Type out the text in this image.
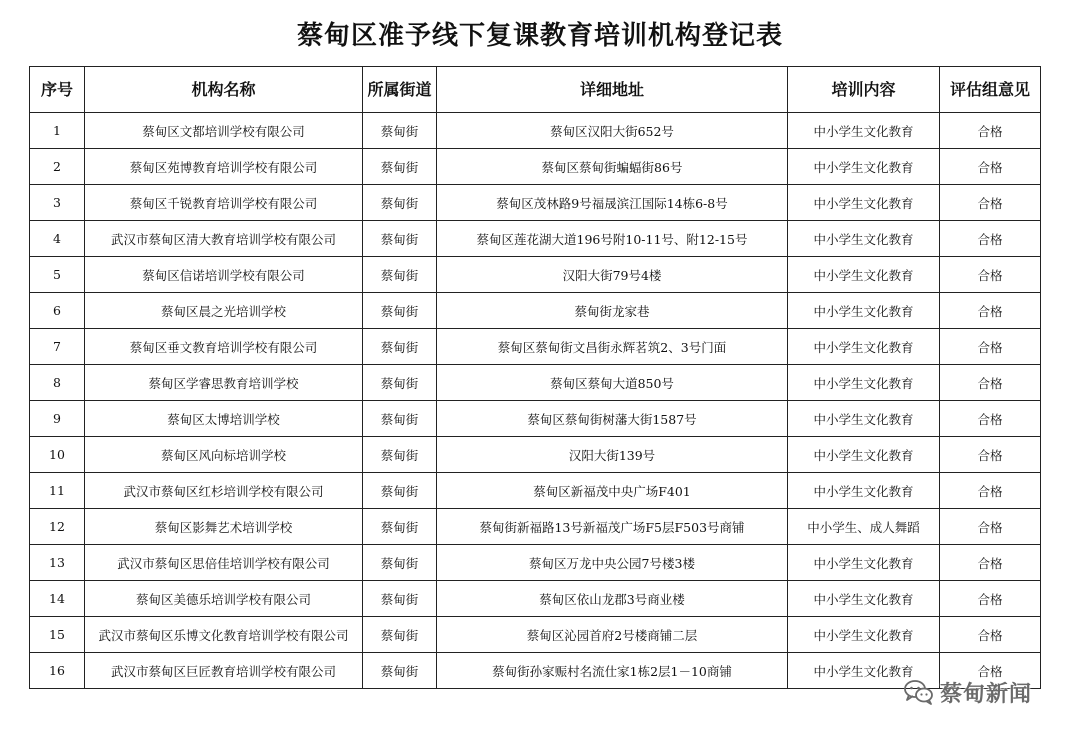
蔡甸区准予线下复课教育培训机构登记表
序号	机构名称	所属街道	详细地址	培训内容	评估组意见
1	蔡甸区文都培训学校有限公司	蔡甸街	蔡甸区汉阳大街652号	中小学生文化教育	合格
2	蔡甸区苑博教育培训学校有限公司	蔡甸街	蔡甸区蔡甸街蝙蝠街86号	中小学生文化教育	合格
3	蔡甸区千锐教育培训学校有限公司	蔡甸街	蔡甸区茂林路9号福晟滨江国际14栋6-8号	中小学生文化教育	合格
4	武汉市蔡甸区清大教育培训学校有限公司	蔡甸街	蔡甸区莲花湖大道196号附10-11号、附12-15号	中小学生文化教育	合格
5	蔡甸区信诺培训学校有限公司	蔡甸街	汉阳大街79号4楼	中小学生文化教育	合格
6	蔡甸区晨之光培训学校	蔡甸街	蔡甸街龙家巷	中小学生文化教育	合格
7	蔡甸区垂文教育培训学校有限公司	蔡甸街	蔡甸区蔡甸街文昌街永辉茗筑2、3号门面	中小学生文化教育	合格
8	蔡甸区学睿思教育培训学校	蔡甸街	蔡甸区蔡甸大道850号	中小学生文化教育	合格
9	蔡甸区太博培训学校	蔡甸街	蔡甸区蔡甸街树藩大街1587号	中小学生文化教育	合格
10	蔡甸区风向标培训学校	蔡甸街	汉阳大街139号	中小学生文化教育	合格
11	武汉市蔡甸区红杉培训学校有限公司	蔡甸街	蔡甸区新福茂中央广场F401	中小学生文化教育	合格
12	蔡甸区影舞艺术培训学校	蔡甸街	蔡甸街新福路13号新福茂广场F5层F503号商铺	中小学生、成人舞蹈	合格
13	武汉市蔡甸区思倍佳培训学校有限公司	蔡甸街	蔡甸区万龙中央公园7号楼3楼	中小学生文化教育	合格
14	蔡甸区美德乐培训学校有限公司	蔡甸街	蔡甸区依山龙郡3号商业楼	中小学生文化教育	合格
15	武汉市蔡甸区乐博文化教育培训学校有限公司	蔡甸街	蔡甸区沁园首府2号楼商铺二层	中小学生文化教育	合格
16	武汉市蔡甸区巨匠教育培训学校有限公司	蔡甸街	蔡甸街孙家赈村名流仕家1栋2层1－10商铺	中小学生文化教育	合格
蔡甸新闻
